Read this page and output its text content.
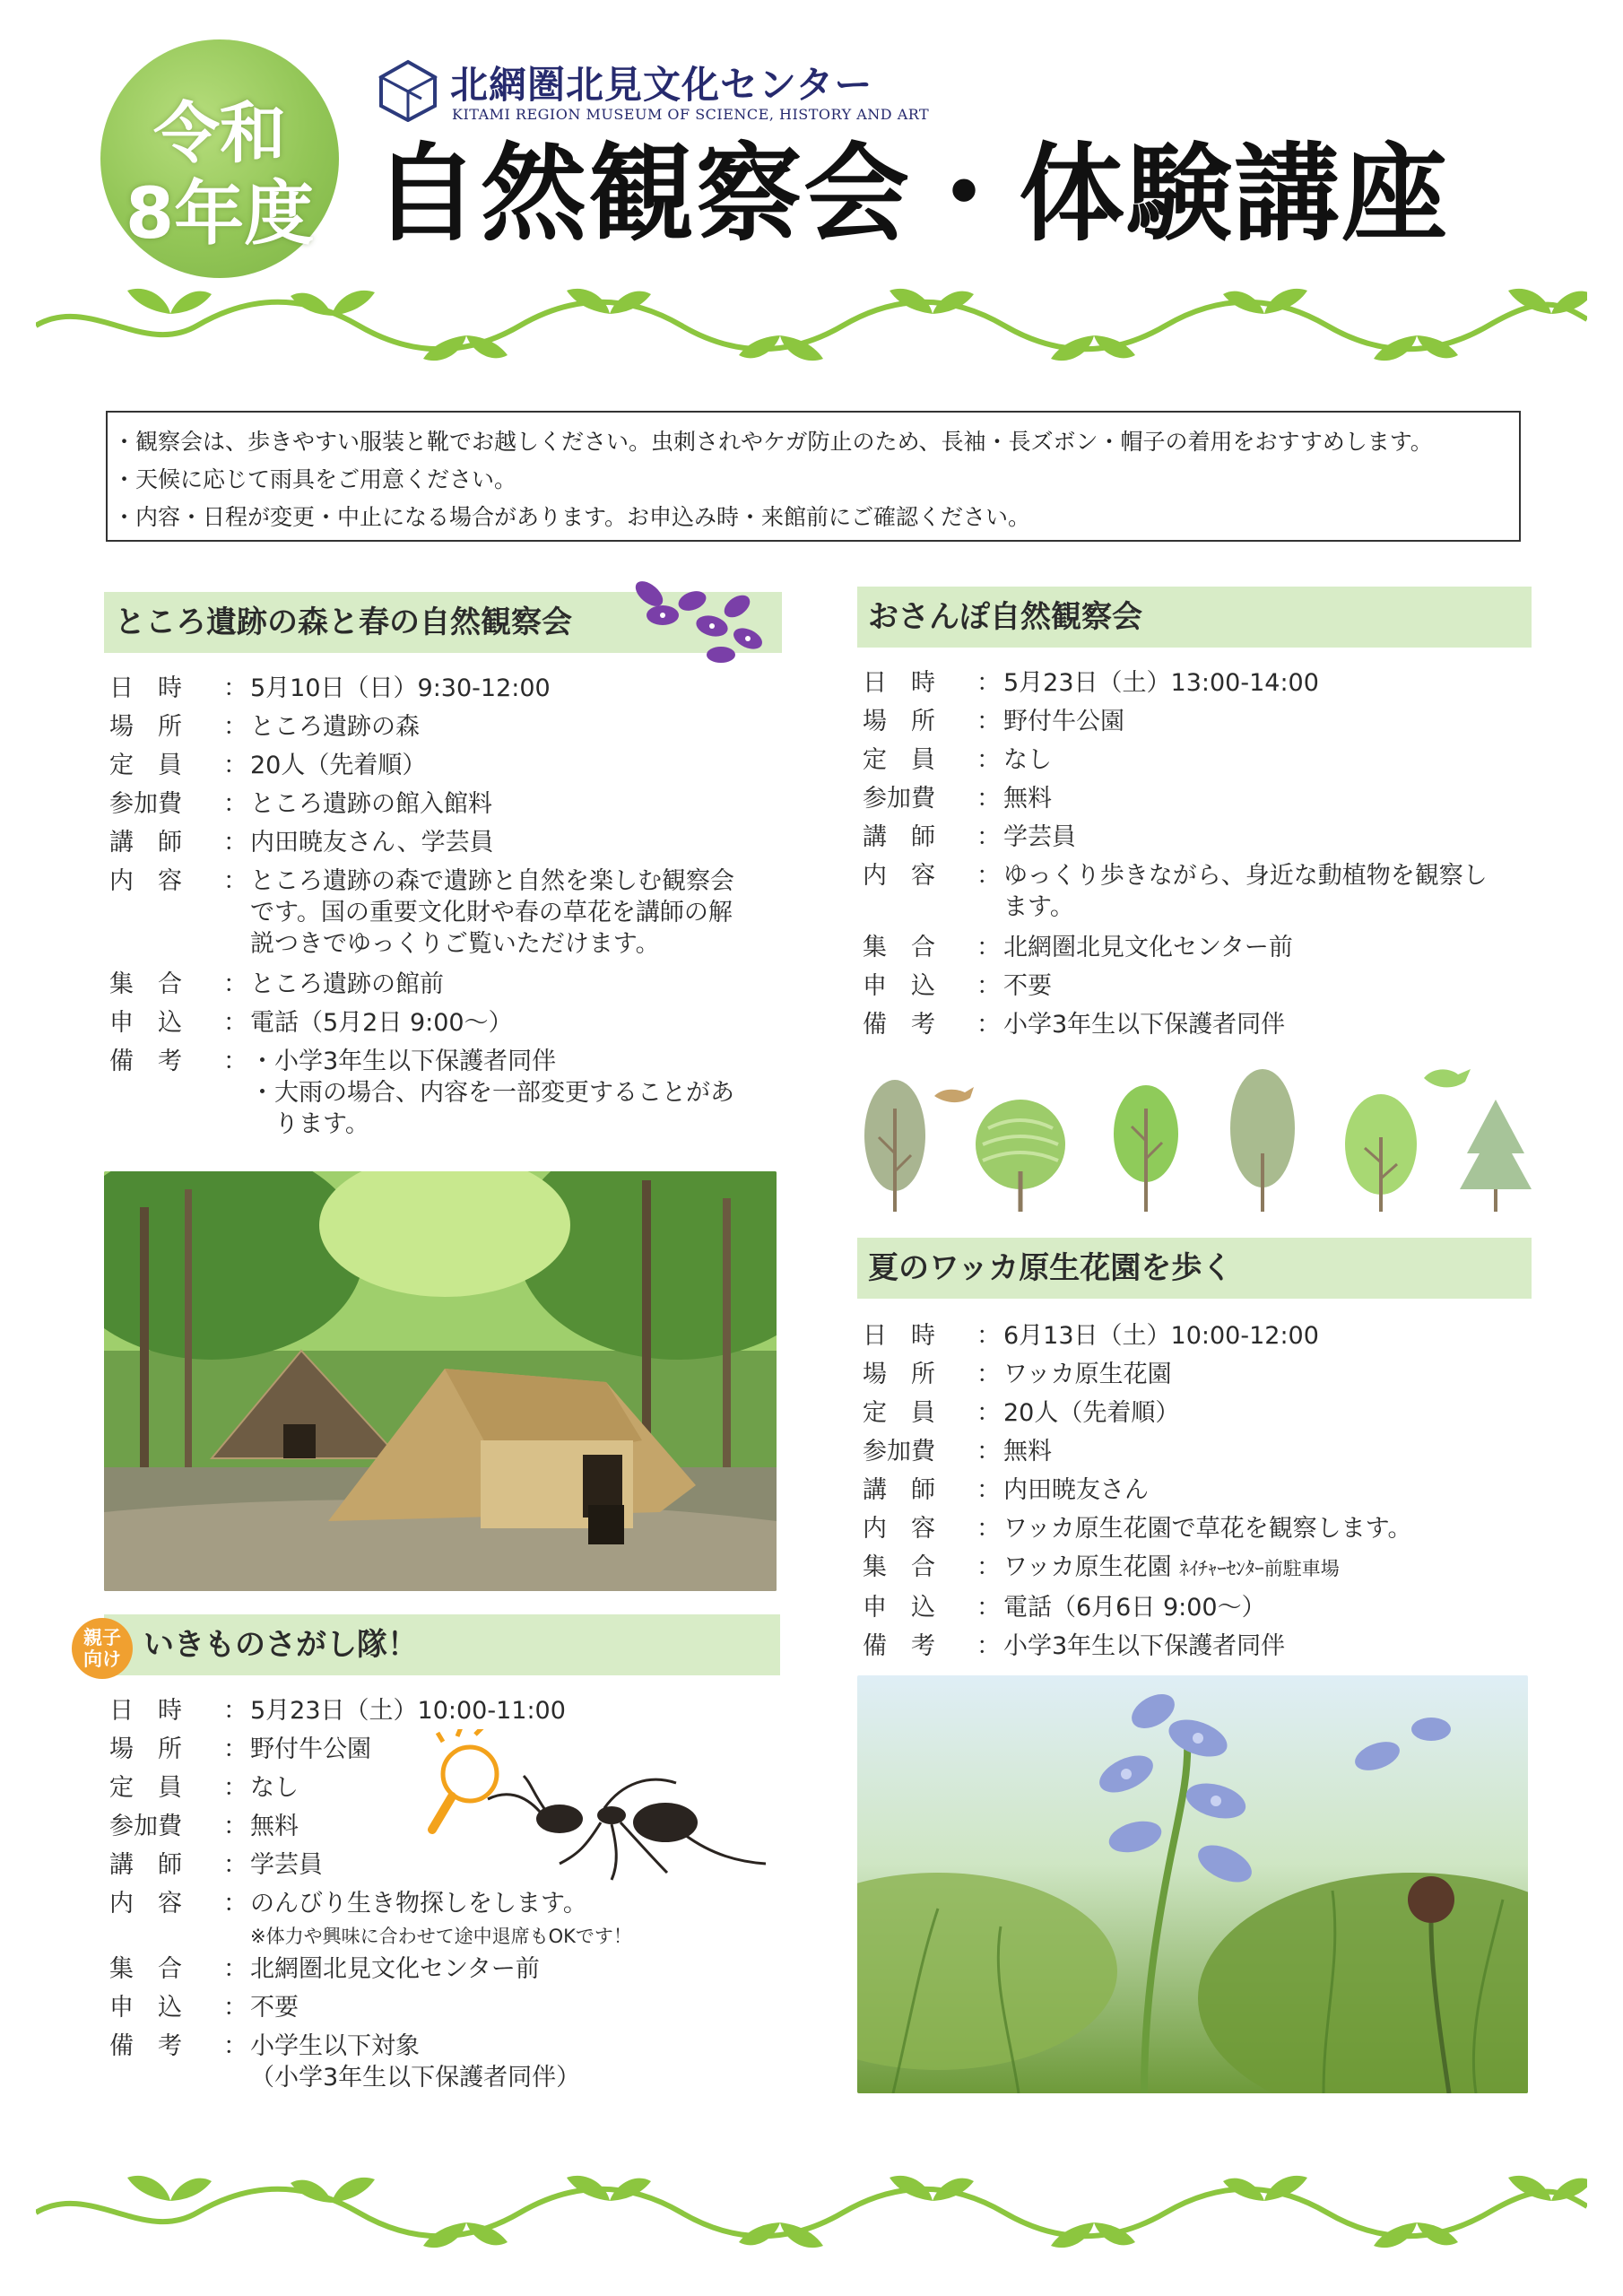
令和
8年度
北網圏北見文化センター
KITAMI REGION MUSEUM OF SCIENCE, HISTORY AND ART
自然観察会・体験講座
・観察会は、歩きやすい服装と靴でお越しください。虫刺されやケガ防止のため、長袖・長ズボン・帽子の着用をおすすめします。
・天候に応じて雨具をご用意ください。
・内容・日程が変更・中止になる場合があります。お申込み時・来館前にご確認ください。
ところ遺跡の森と春の自然観察会
日　時	： 5月10日（日）9:30-12:00
場　所	： ところ遺跡の森
定　員	： 20人（先着順）
参加費	： ところ遺跡の館入館料
講　師	： 内田暁友さん、学芸員
内　容	： ところ遺跡の森で遺跡と自然を楽しむ観察会
です。国の重要文化財や春の草花を講師の解
説つきでゆっくりご覧いただけます。
集　合	： ところ遺跡の館前
申　込	： 電話（5月2日 9:00〜）
備　考	： ・小学3年生以下保護者同伴
・大雨の場合、内容を一部変更することがあ
　ります。
いきものさがし隊！
親子
向け
日　時	： 5月23日（土）10:00-11:00
場　所	： 野付牛公園
定　員	： なし
参加費	： 無料
講　師	： 学芸員
内　容	： のんびり生き物探しをします。
※体力や興味に合わせて途中退席もOKです！
集　合	： 北網圏北見文化センター前
申　込	： 不要
備　考	： 小学生以下対象
（小学3年生以下保護者同伴）
おさんぽ自然観察会
日　時	： 5月23日（土）13:00-14:00
場　所	： 野付牛公園
定　員	： なし
参加費	： 無料
講　師	： 学芸員
内　容	： ゆっくり歩きながら、身近な動植物を観察し
ます。
集　合	： 北網圏北見文化センター前
申　込	： 不要
備　考	： 小学3年生以下保護者同伴
夏のワッカ原生花園を歩く
日　時	： 6月13日（土）10:00-12:00
場　所	： ワッカ原生花園
定　員	： 20人（先着順）
参加費	： 無料
講　師	： 内田暁友さん
内　容	： ワッカ原生花園で草花を観察します。
集　合	： ワッカ原生花園 ﾈｲﾁｬｰｾﾝﾀｰ前駐車場
申　込	： 電話（6月6日 9:00〜）
備　考	： 小学3年生以下保護者同伴
